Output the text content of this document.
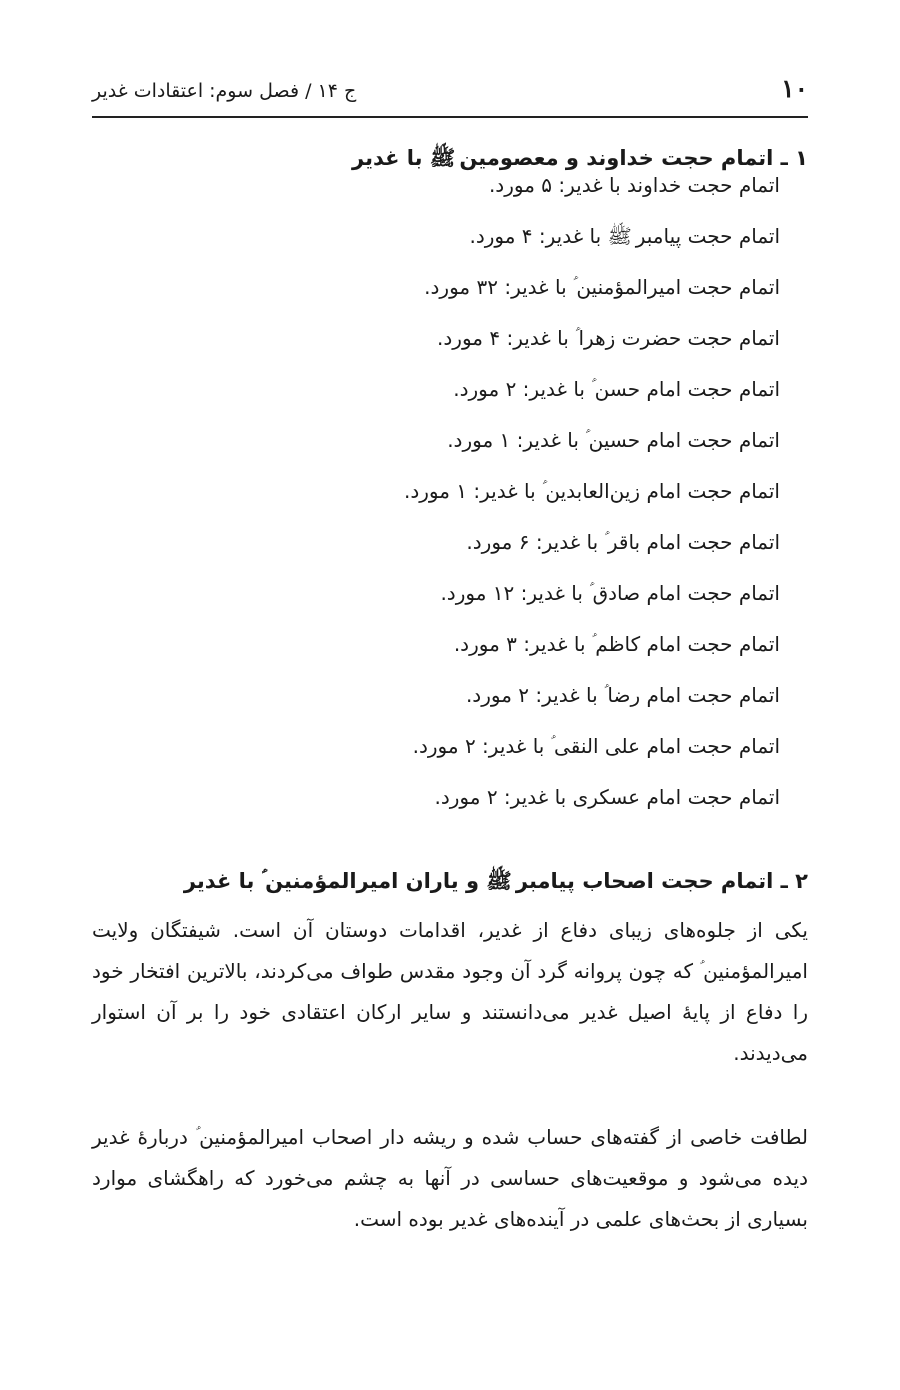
۱۰
ج ۱۴ / فصل سوم: اعتقادات غدیر
۱ ـ اتمام حجت خداوند و معصومین ﷺ با غدیر
اتمام حجت خداوند با غدیر: ۵ مورد.
اتمام حجت پیامبر ﷺ با غدیر: ۴ مورد.
اتمام حجت امیرالمؤمنین ؑ با غدیر: ۳۲ مورد.
اتمام حجت حضرت زهرا ؑ با غدیر: ۴ مورد.
اتمام حجت امام حسن ؑ با غدیر: ۲ مورد.
اتمام حجت امام حسین ؑ با غدیر: ۱ مورد.
اتمام حجت امام زین‌العابدین ؑ با غدیر: ۱ مورد.
اتمام حجت امام باقر ؑ با غدیر: ۶ مورد.
اتمام حجت امام صادق ؑ با غدیر: ۱۲ مورد.
اتمام حجت امام کاظم ؑ با غدیر: ۳ مورد.
اتمام حجت امام رضا ؑ با غدیر: ۲ مورد.
اتمام حجت امام علی النقی ؑ با غدیر: ۲ مورد.
اتمام حجت امام عسکری با غدیر: ۲ مورد.
۲ ـ اتمام حجت اصحاب پیامبر ﷺ و یاران امیرالمؤمنین ؑ با غدیر

یکی از جلوه‌های زیبای دفاع از غدیر، اقدامات دوستان آن است. شیفتگان ولایت امیرالمؤمنین ؑ که چون پروانه گرد آن وجود مقدس طواف می‌کردند، بالاترین افتخار خود را دفاع از پایهٔ اصیل غدیر می‌دانستند و سایر ارکان اعتقادی خود را بر آن استوار می‌دیدند.

لطافت خاصی از گفته‌های حساب شده و ریشه دار اصحاب امیرالمؤمنین ؑ دربارهٔ غدیر دیده می‌شود و موقعیت‌های حساسی در آنها به چشم می‌خورد که راهگشای موارد بسیاری از بحث‌های علمی در آینده‌های غدیر بوده است.
